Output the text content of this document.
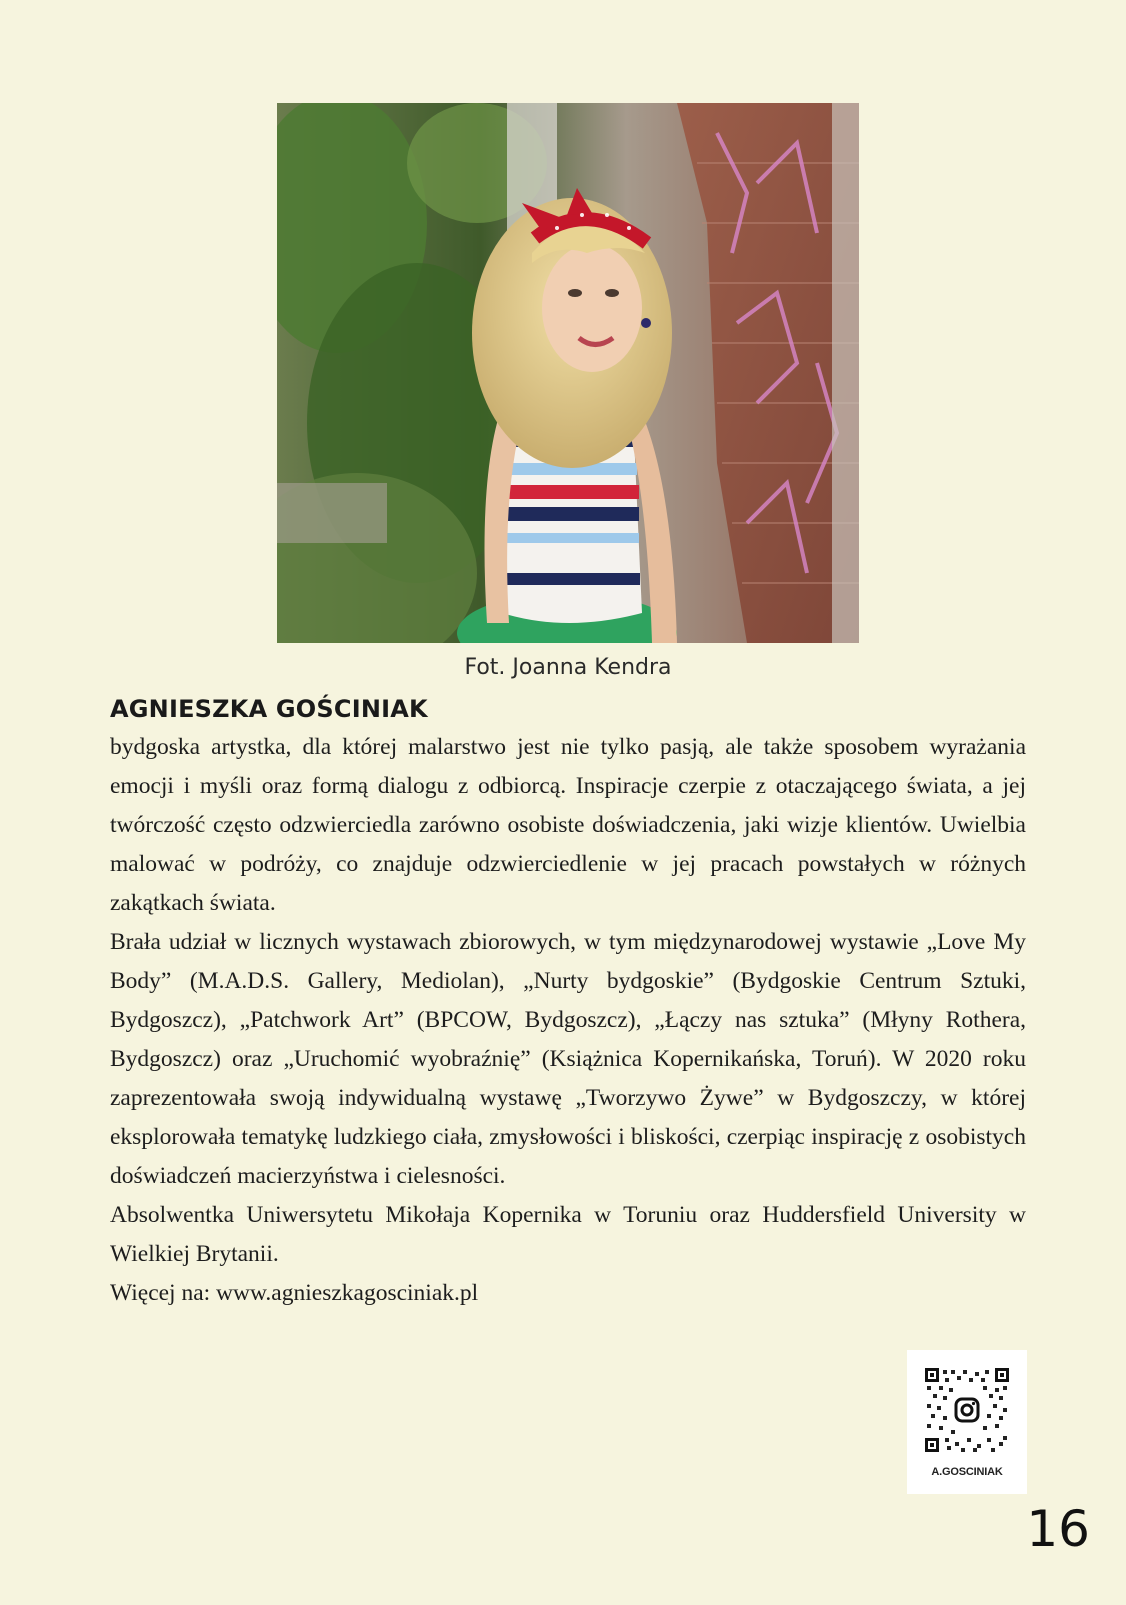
Fot. Joanna Kendra
AGNIESZKA GOŚCINIAK

bydgoska artystka, dla której malarstwo jest nie tylko pasją, ale także sposobem wyrażania emocji i myśli oraz formą dialogu z odbiorcą. Inspiracje czerpie z otaczającego świata, a jej twórczość często odzwierciedla zarówno osobiste doświadczenia, jaki wizje klientów. Uwielbia malować w podróży, co znajduje odzwierciedlenie w jej pracach powstałych w różnych zakątkach świata.

Brała udział w licznych wystawach zbiorowych, w tym międzynarodowej wystawie „Love My Body” (M.A.D.S. Gallery, Mediolan), „Nurty bydgoskie” (Bydgoskie Centrum Sztuki, Bydgoszcz), „Patchwork Art” (BPCOW, Bydgoszcz), „Łączy nas sztuka” (Młyny Rothera, Bydgoszcz) oraz „Uruchomić wyobraźnię” (Książnica Kopernikańska, Toruń). W 2020 roku zaprezentowała swoją indywidualną wystawę „Tworzywo Żywe” w Bydgoszczy, w której eksplorowała tematykę ludzkiego ciała, zmysłowości i bliskości, czerpiąc inspirację z osobistych doświadczeń macierzyństwa i cielesności.

Absolwentka Uniwersytetu Mikołaja Kopernika w Toruniu oraz Huddersfield University w Wielkiej Brytanii.

Więcej na: www.agnieszkagosciniak.pl

A.GOSCINIAK
16
